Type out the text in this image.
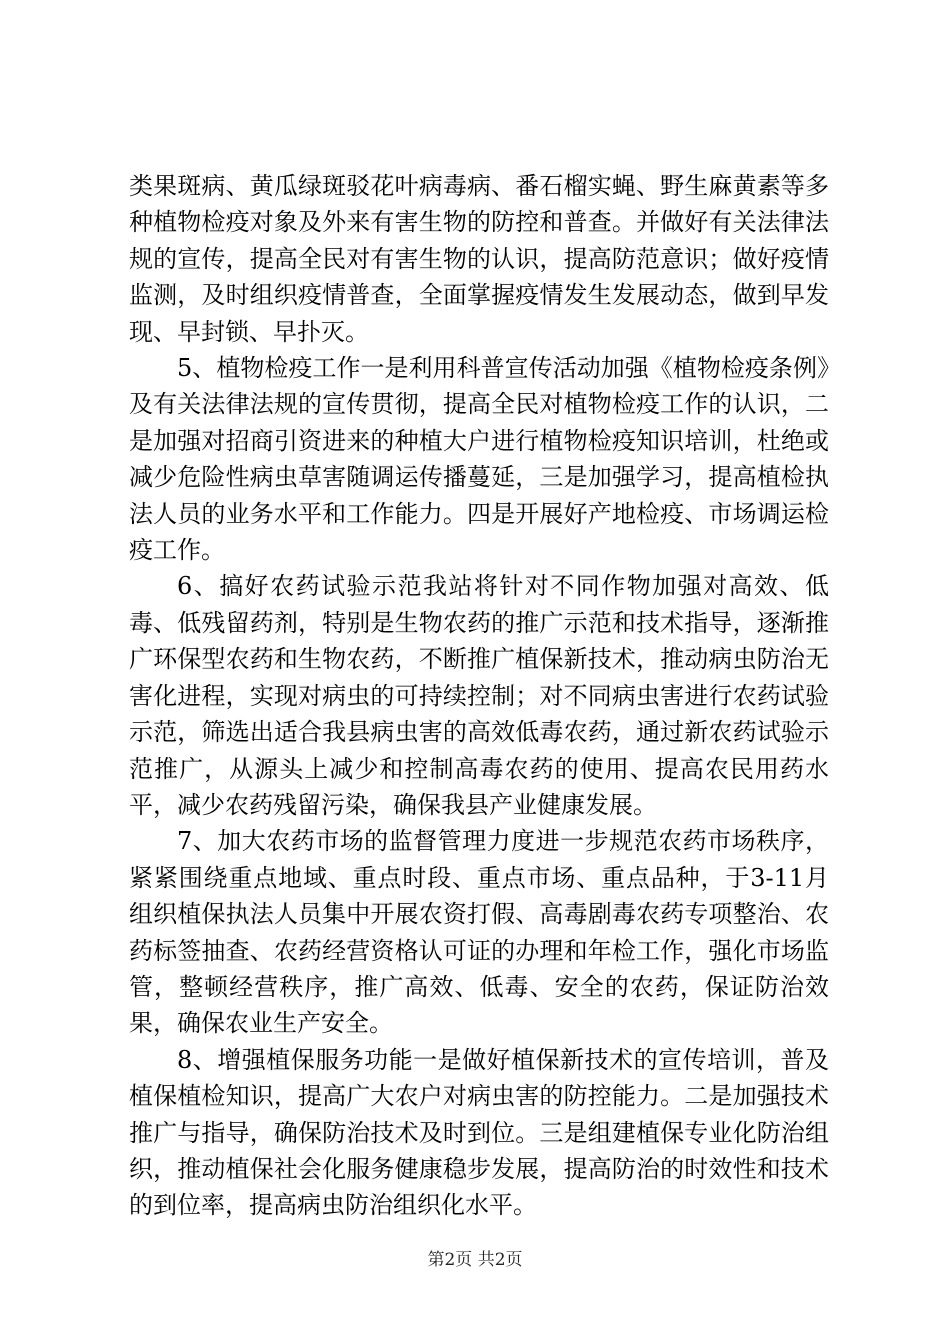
类果斑病、黄瓜绿斑驳花叶病毒病、番石榴实蝇、野生麻黄素等多种植物检疫对象及外来有害生物的防控和普查。并做好有关法律法规的宣传，提高全民对有害生物的认识，提高防范意识；做好疫情监测，及时组织疫情普查，全面掌握疫情发生发展动态，做到早发现、早封锁、早扑灭。

5、植物检疫工作一是利用科普宣传活动加强《植物检疫条例》及有关法律法规的宣传贯彻，提高全民对植物检疫工作的认识，二是加强对招商引资进来的种植大户进行植物检疫知识培训，杜绝或减少危险性病虫草害随调运传播蔓延，三是加强学习，提高植检执法人员的业务水平和工作能力。四是开展好产地检疫、市场调运检疫工作。

6、搞好农药试验示范我站将针对不同作物加强对高效、低毒、低残留药剂，特别是生物农药的推广示范和技术指导，逐渐推广环保型农药和生物农药，不断推广植保新技术，推动病虫防治无害化进程，实现对病虫的可持续控制；对不同病虫害进行农药试验示范，筛选出适合我县病虫害的高效低毒农药，通过新农药试验示范推广，从源头上减少和控制高毒农药的使用、提高农民用药水平，减少农药残留污染，确保我县产业健康发展。

7、加大农药市场的监督管理力度进一步规范农药市场秩序，紧紧围绕重点地域、重点时段、重点市场、重点品种，于3-11月组织植保执法人员集中开展农资打假、高毒剧毒农药专项整治、农药标签抽查、农药经营资格认可证的办理和年检工作，强化市场监管，整顿经营秩序，推广高效、低毒、安全的农药，保证防治效果，确保农业生产安全。

8、增强植保服务功能一是做好植保新技术的宣传培训，普及植保植检知识，提高广大农户对病虫害的防控能力。二是加强技术推广与指导，确保防治技术及时到位。三是组建植保专业化防治组织，推动植保社会化服务健康稳步发展，提高防治的时效性和技术的到位率，提高病虫防治组织化水平。

第2页 共2页
